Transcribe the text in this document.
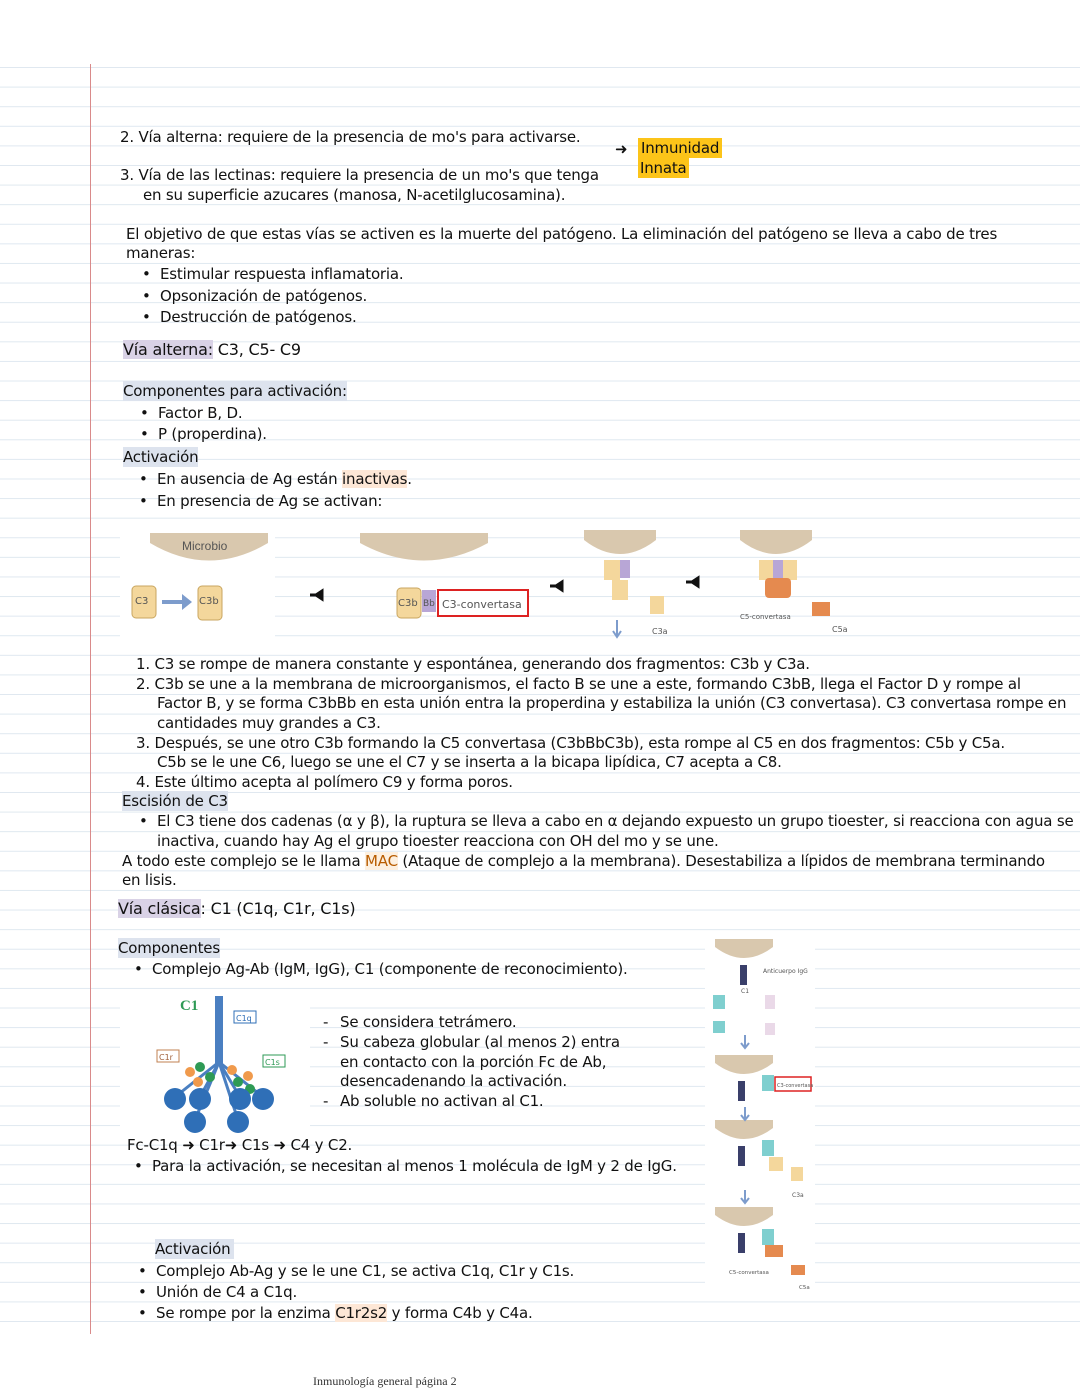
2. Vía alterna: requiere de la presencia de mo's para activarse.
3. Vía de las lectinas: requiere la presencia de un mo's que tenga
en su superficie azucares (manosa, N-acetilglucosamina).
➜ Inmunidad
Innata
El objetivo de que estas vías se activen es la muerte del patógeno. La eliminación del patógeno se lleva a cabo de tres
maneras:
• Estimular respuesta inflamatoria.
• Opsonización de patógenos.
• Destrucción de patógenos.
Vía alterna: C3, C5- C9
Componentes para activación:
• Factor B, D.
• P (properdina).
Activación
• En ausencia de Ag están inactivas.
• En presencia de Ag se activan:
Microbio
C3	C3b	C3b Bb C3-convertasa
C3a
C5-convertasa
C5a
1. C3 se rompe de manera constante y espontánea, generando dos fragmentos: C3b y C3a.
2. C3b se une a la membrana de microorganismos, el facto B se une a este, formando C3bB, llega el Factor D y rompe al
Factor B, y se forma C3bBb en esta unión entra la properdina y estabiliza la unión (C3 convertasa). C3 convertasa rompe en
cantidades muy grandes a C3.
3. Después, se une otro C3b formando la C5 convertasa (C3bBbC3b), esta rompe al C5 en dos fragmentos: C5b y C5a.
C5b se le une C6, luego se une el C7 y se inserta a la bicapa lipídica, C7 acepta a C8.
4. Este último acepta al polímero C9 y forma poros.
Escisión de C3
• El C3 tiene dos cadenas (α y β), la ruptura se lleva a cabo en α dejando expuesto un grupo tioester, si reacciona con agua se
inactiva, cuando hay Ag el grupo tioester reacciona con OH del mo y se une.
A todo este complejo se le llama MAC (Ataque de complejo a la membrana). Desestabiliza a lípidos de membrana terminando
en lisis.
Vía clásica: C1 (C1q, C1r, C1s)
Componentes
• Complejo Ag-Ab (IgM, IgG), C1 (componente de reconocimiento).
C1
C1q
C1r
C1s
- Se considera tetrámero.
- Su cabeza globular (al menos 2) entra
en contacto con la porción Fc de Ab,
desencadenando la activación.
- Ab soluble no activan al C1.
Fc-C1q ➜ C1r➜ C1s ➜ C4 y C2.
• Para la activación, se necesitan al menos 1 molécula de IgM y 2 de IgG.
Anticuerpo IgG
C1
C3-convertasa
C3a
C5-convertasa
C5a
Activación
• Complejo Ab-Ag y se le une C1, se activa C1q, C1r y C1s.
• Unión de C4 a C1q.
• Se rompe por la enzima C1r2s2 y forma C4b y C4a.
Inmunología general página 2
